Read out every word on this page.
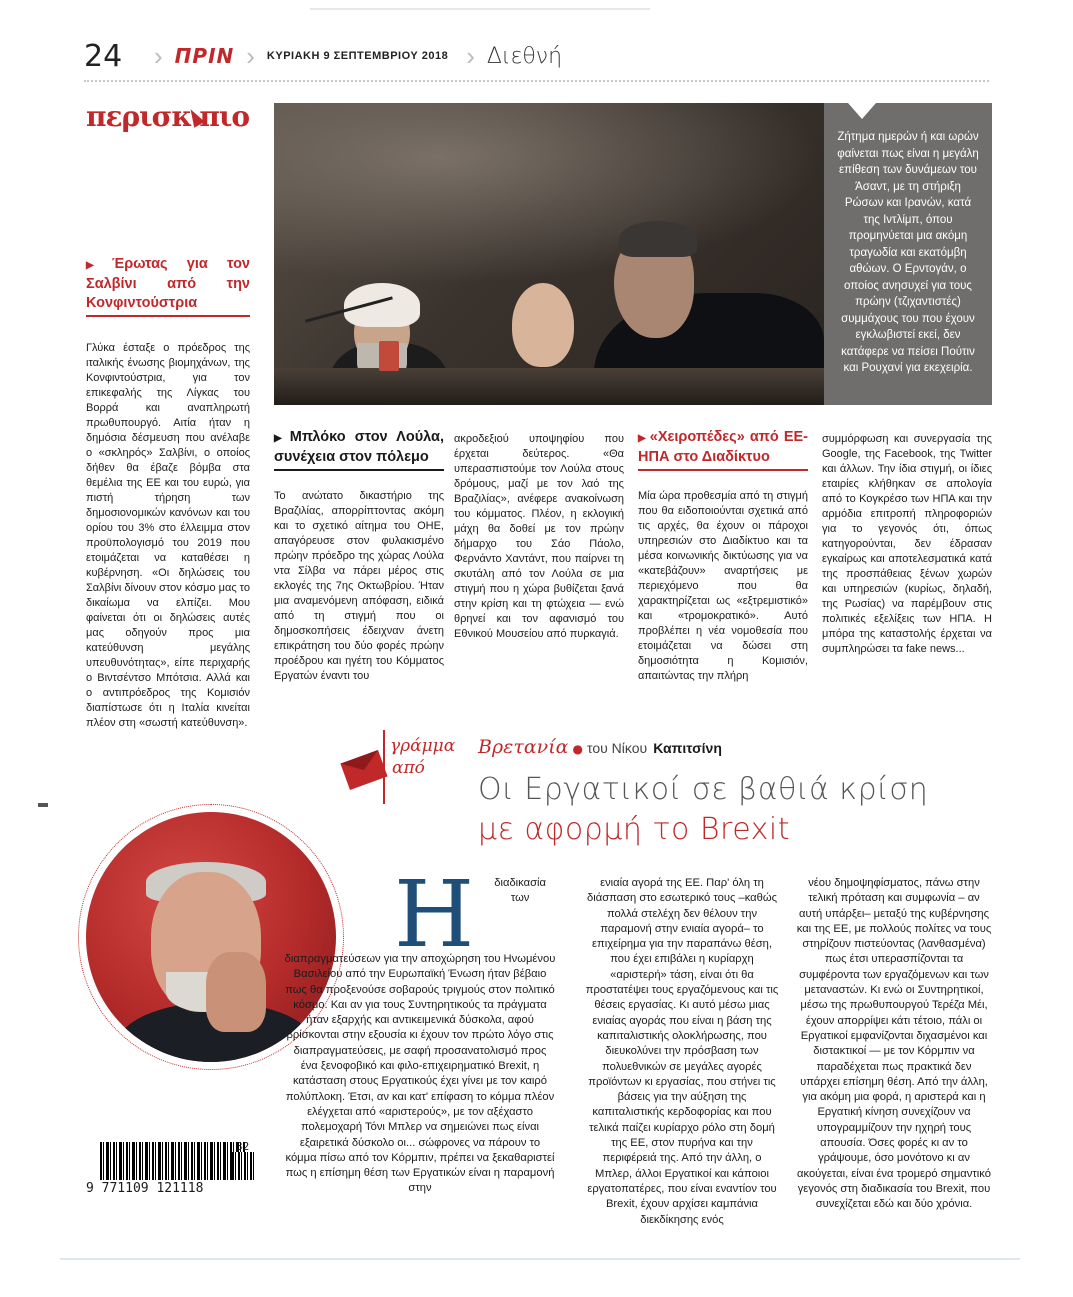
24	› ΠΡΙΝ › ΚΥΡΙΑΚΗ 9 ΣΕΠΤΕΜΒΡΙΟΥ 2018 › Διεθνή
περισκ πιο
▶ Έρωτας για τον Σαλβίνι από την Κονφιντούστρια

Γλύκα έσταξε ο πρόεδρος της ιταλικής ένωσης βιομηχάνων, της Κονφιντούστρια, για τον επικεφαλής της Λίγκας του Βορρά και αναπληρωτή πρωθυπουργό. Αιτία ήταν η δημόσια δέσμευση που ανέλαβε ο «σκληρός» Σαλβίνι, ο οποίος δήθεν θα έβαζε βόμβα στα θεμέλια της ΕΕ και του ευρώ, για πιστή τήρηση των δημοσιονομικών κανόνων και του ορίου του 3% στο έλλειμμα στον προϋπολογισμό του 2019 που ετοιμάζεται να καταθέσει η κυβέρνηση. «Οι δηλώσεις του Σαλβίνι δίνουν στον κόσμο μας το δικαίωμα να ελπίζει. Μου φαίνεται ότι οι δηλώσεις αυτές μας οδηγούν προς μια κατεύθυνση μεγάλης υπευθυνότητας», είπε περιχαρής ο Βιντσέντσο Μπότσια. Αλλά και ο αντιπρόεδρος της Κομισιόν διαπίστωσε ότι η Ιταλία κινείται πλέον στη «σωστή κατεύθυνση».

Ζήτημα ημερών ή και ωρών φαίνεται πως είναι η μεγάλη επίθεση των δυνάμεων του Άσαντ, με τη στήριξη Ρώσων και Ιρανών, κατά της Ιντλίμπ, όπου προμηνύεται μια ακόμη τραγωδία και εκατόμβη αθώων. Ο Ερντογάν, ο οποίος ανησυχεί για τους πρώην (τζιχαντιστές) συμμάχους του που έχουν εγκλωβιστεί εκεί, δεν κατάφερε να πείσει Πούτιν και Ρουχανί για εκεχειρία.
▶ Μπλόκο στον Λούλα, συνέχεια στον πόλεμο

Το ανώτατο δικαστήριο της Βραζιλίας, απορρίπτοντας ακόμη και το σχετικό αίτημα του ΟΗΕ, απαγόρευσε στον φυλακισμένο πρώην πρόεδρο της χώρας Λούλα ντα Σίλβα να πάρει μέρος στις εκλογές της 7ης Οκτωβρίου. Ήταν μια αναμενόμενη απόφαση, ειδικά από τη στιγμή που οι δημοσκοπήσεις έδειχναν άνετη επικράτηση του δύο φορές πρώην προέδρου και ηγέτη του Κόμματος Εργατών έναντι του

ακροδεξιού υποψηφίου που έρχεται δεύτερος. «Θα υπερασπιστούμε τον Λούλα στους δρόμους, μαζί με τον λαό της Βραζιλίας», ανέφερε ανακοίνωση του κόμματος. Πλέον, η εκλογική μάχη θα δοθεί με τον πρώην δήμαρχο του Σάο Πάολο, Φερνάντο Χαντάντ, που παίρνει τη σκυτάλη από τον Λούλα σε μια στιγμή που η χώρα βυθίζεται ξανά στην κρίση και τη φτώχεια — ενώ θρηνεί και τον αφανισμό του Εθνικού Μουσείου από πυρκαγιά.

▶ «Χειροπέδες» από ΕΕ-ΗΠΑ στο Διαδίκτυο

Μία ώρα προθεσμία από τη στιγμή που θα ειδοποιούνται σχετικά από τις αρχές, θα έχουν οι πάροχοι υπηρεσιών στο Διαδίκτυο και τα μέσα κοινωνικής δικτύωσης για να «κατεβάζουν» αναρτήσεις με περιεχόμενο που θα χαρακτηρίζεται ως «εξτρεμιστικό» και «τρομοκρατικό». Αυτό προβλέπει η νέα νομοθεσία που ετοιμάζεται να δώσει στη δημοσιότητα η Κομισιόν, απαιτώντας την πλήρη

συμμόρφωση και συνεργασία της Google, της Facebook, της Twitter και άλλων. Την ίδια στιγμή, οι ίδιες εταιρίες κλήθηκαν σε απολογία από το Κογκρέσο των ΗΠΑ και την αρμόδια επιτροπή πληροφοριών για το γεγονός ότι, όπως κατηγορούνται, δεν έδρασαν εγκαίρως και αποτελεσματικά κατά της προσπάθειας ξένων χωρών και υπηρεσιών (κυρίως, δηλαδή, της Ρωσίας) να παρέμβουν στις πολιτικές εξελίξεις των ΗΠΑ. Η μπόρα της καταστολής έρχεται να συμπληρώσει τα fake news...

γράμμα
από
Βρετανία ● του Νίκου Καπιτσίνη
Οι Εργατικοί σε βαθιά κρίση
με αφορμή το Brexit
Η διαδικασία των διαπραγματεύσεων για την αποχώρηση του Ηνωμένου Βασιλείου από την Ευρωπαϊκή Ένωση ήταν βέβαιο πως θα προξενούσε σοβαρούς τριγμούς στον πολιτικό κόσμο. Και αν για τους Συντηρητικούς τα πράγματα ήταν εξαρχής και αντικειμενικά δύσκολα, αφού βρίσκονται στην εξουσία κι έχουν τον πρώτο λόγο στις διαπραγματεύσεις, με σαφή προσανατολισμό προς ένα ξενοφοβικό και φιλο-επιχειρηματικό Brexit, η κατάσταση στους Εργατικούς έχει γίνει με τον καιρό πολύπλοκη. Έτσι, αν και κατ' επίφαση το κόμμα πλέον ελέγχεται από «αριστερούς», με τον αξέχαστο πολεμοχαρή Τόνι Μπλερ να σημειώνει πως είναι εξαιρετικά δύσκολο οι... σώφρονες να πάρουν το κόμμα πίσω από τον Κόρμπιν, πρέπει να ξεκαθαριστεί πως η επίσημη θέση των Εργατικών είναι η παραμονή στην
ενιαία αγορά της ΕΕ. Παρ' όλη τη διάσπαση στο εσωτερικό τους –καθώς πολλά στελέχη δεν θέλουν την παραμονή στην ενιαία αγορά– το επιχείρημα για την παραπάνω θέση, που έχει επιβάλει η κυρίαρχη «αριστερή» τάση, είναι ότι θα προστατέψει τους εργαζόμενους και τις θέσεις εργασίας. Κι αυτό μέσω μιας ενιαίας αγοράς που είναι η βάση της καπιταλιστικής ολοκλήρωσης, που διευκολύνει την πρόσβαση των πολυεθνικών σε μεγάλες αγορές προϊόντων κι εργασίας, που στήνει τις βάσεις για την αύξηση της καπιταλιστικής κερδοφορίας και που τελικά παίζει κυρίαρχο ρόλο στη δομή της ΕΕ, στον πυρήνα και την περιφέρειά της. Από την άλλη, ο Μπλερ, άλλοι Εργατικοί και κάποιοι εργατοπατέρες, που είναι εναντίον του Brexit, έχουν αρχίσει καμπάνια διεκδίκησης ενός
νέου δημοψηφίσματος, πάνω στην τελική πρόταση και συμφωνία – αν αυτή υπάρξει– μεταξύ της κυβέρνησης και της ΕΕ, με πολλούς πολίτες να τους στηρίζουν πιστεύοντας (λανθασμένα) πως έτσι υπερασπίζονται τα συμφέροντα των εργαζόμενων και των μεταναστών. Κι ενώ οι Συντηρητικοί, μέσω της πρωθυπουργού Τερέζα Μέι, έχουν απορρίψει κάτι τέτοιο, πάλι οι Εργατικοί εμφανίζονται διχασμένοι και διστακτικοί — με τον Κόρμπιν να παραδέχεται πως πρακτικά δεν υπάρχει επίσημη θέση. Από την άλλη, για ακόμη μια φορά, η αριστερά και η Εργατική κίνηση συνεχίζουν να υπογραμμίζουν την ηχηρή τους απουσία. Όσες φορές κι αν το γράψουμε, όσο μονότονο κι αν ακούγεται, είναι ένα τρομερό σημαντικό γεγονός στη διαδικασία του Brexit, που συνεχίζεται εδώ και δύο χρόνια.
9 771109 121118
32
